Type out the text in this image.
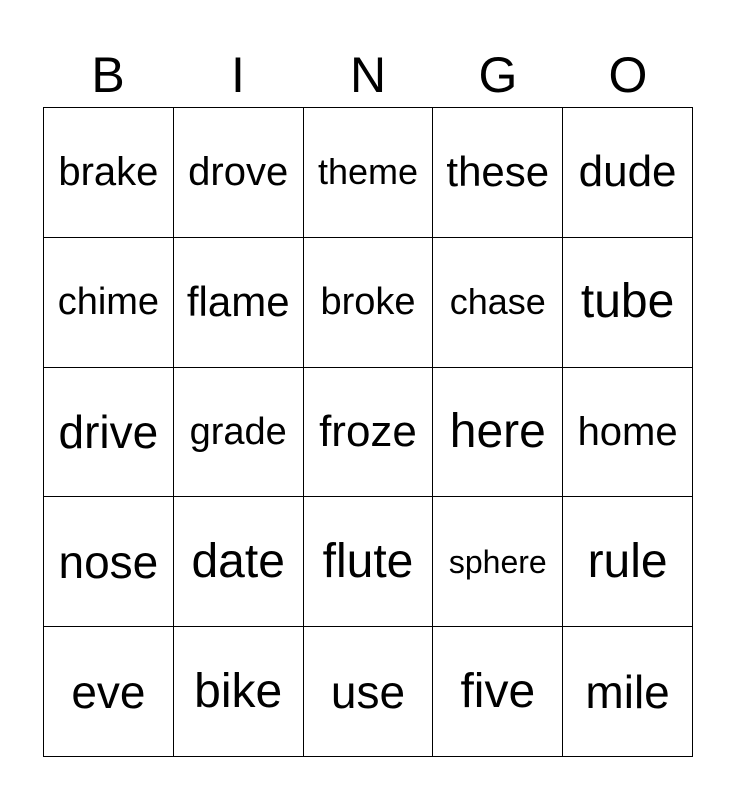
B	I	N	G	O
brake drove theme these dude
chime flame broke chase tube
drive grade froze here home
nose date flute	sphere rule
eve	bike	use	five	mile
